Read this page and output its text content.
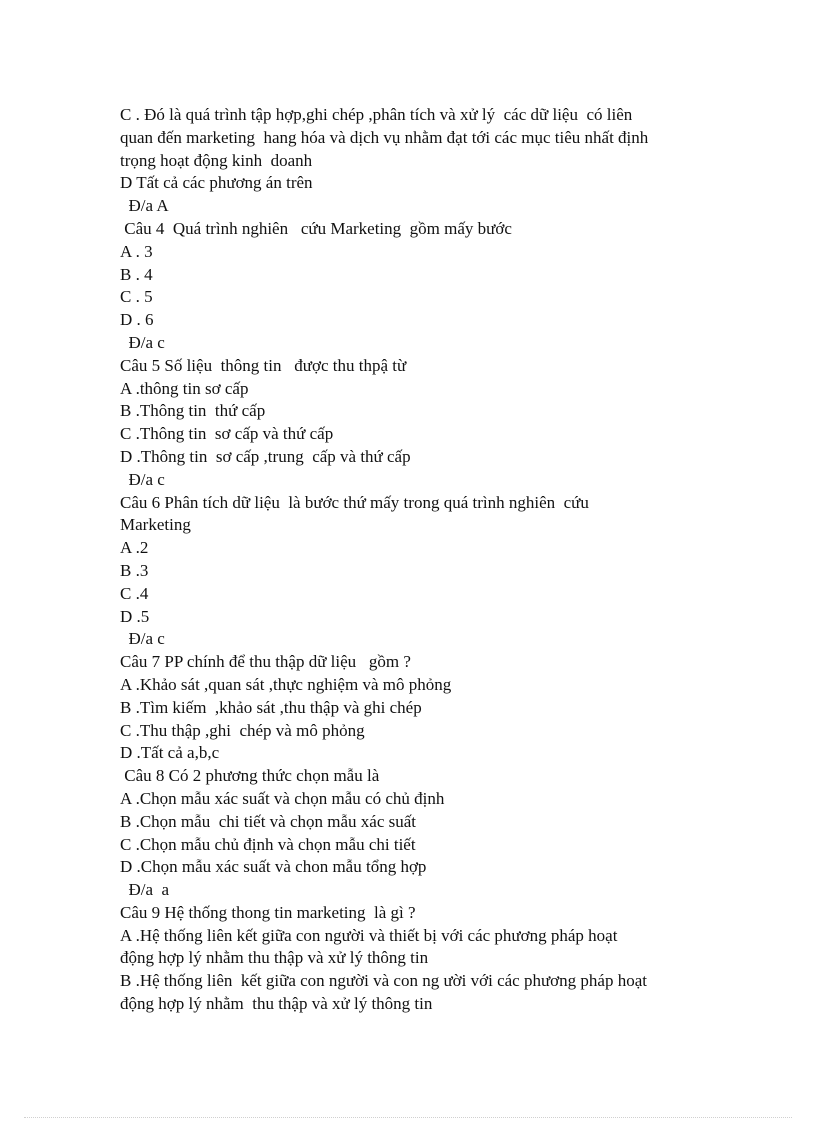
C . Đó là quá trình tập hợp,ghi chép ,phân tích và xử lý  các dữ liệu  có liên
quan đến marketing  hang hóa và dịch vụ nhằm đạt tới các mục tiêu nhất định
trọng hoạt động kinh  doanh
D Tất cả các phương án trên
Đ/a A
Câu 4  Quá trình nghiên   cứu Marketing  gồm mấy bước
A . 3
B . 4
C . 5
D . 6
Đ/a c
Câu 5 Số liệu  thông tin   được thu thpậ từ
A .thông tin sơ cấp
B .Thông tin  thứ cấp
C .Thông tin  sơ cấp và thứ cấp
D .Thông tin  sơ cấp ,trung  cấp và thứ cấp
Đ/a c
Câu 6 Phân tích dữ liệu  là bước thứ mấy trong quá trình nghiên  cứu
Marketing
A .2
B .3
C .4
D .5
Đ/a c
Câu 7 PP chính để thu thập dữ liệu   gồm ?
A .Khảo sát ,quan sát ,thực nghiệm và mô phỏng
B .Tìm kiếm  ,khảo sát ,thu thập và ghi chép
C .Thu thập ,ghi  chép và mô phỏng
D .Tất cả a,b,c
Câu 8 Có 2 phương thức chọn mẫu là
A .Chọn mẫu xác suất và chọn mẫu có chủ định
B .Chọn mẫu  chi tiết và chọn mẫu xác suất
C .Chọn mẫu chủ định và chọn mẫu chi tiết
D .Chọn mẫu xác suất và chon mẫu tổng hợp
Đ/a  a
Câu 9 Hệ thống thong tin marketing  là gì ?
A .Hệ thống liên kết giữa con người và thiết bị với các phương pháp hoạt
động hợp lý nhằm thu thập và xử lý thông tin
B .Hệ thống liên  kết giữa con người và con ng ười với các phương pháp hoạt
động hợp lý nhằm  thu thập và xử lý thông tin
